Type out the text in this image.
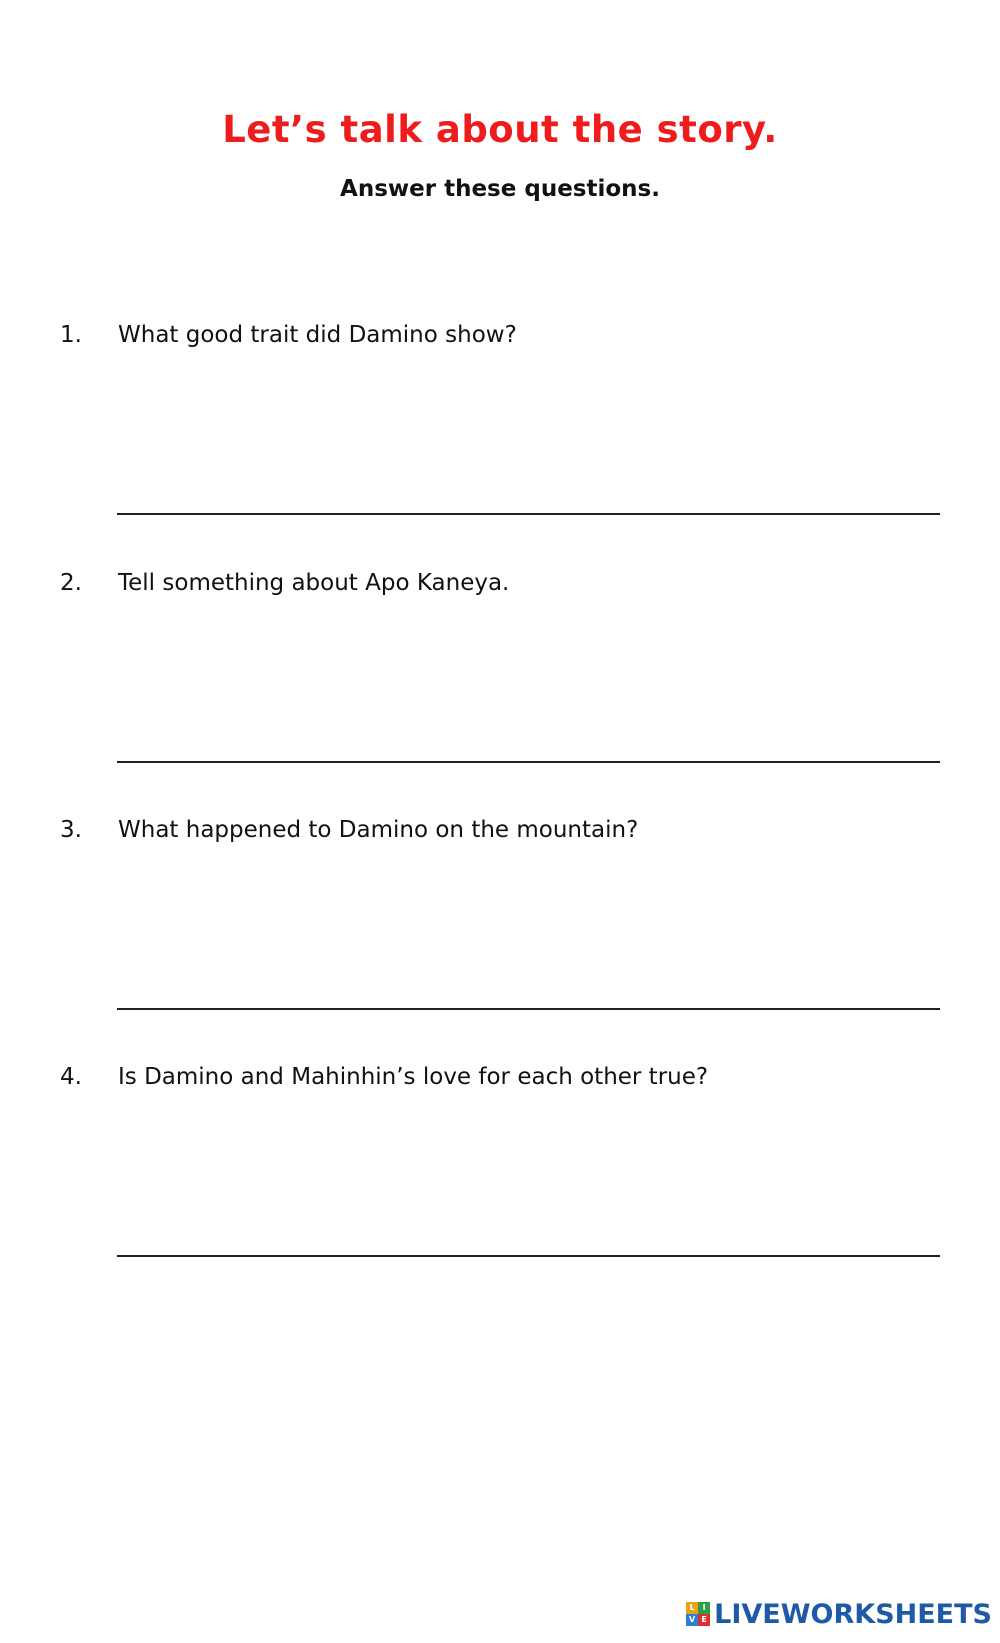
Let’s talk about the story.
Answer these questions.
1. What good trait did Damino show?
2. Tell something about Apo Kaneya.
3. What happened to Damino on the mountain?
4. Is Damino and Mahinhin’s love for each other true?
L I
V E LIVEWORKSHEETS
